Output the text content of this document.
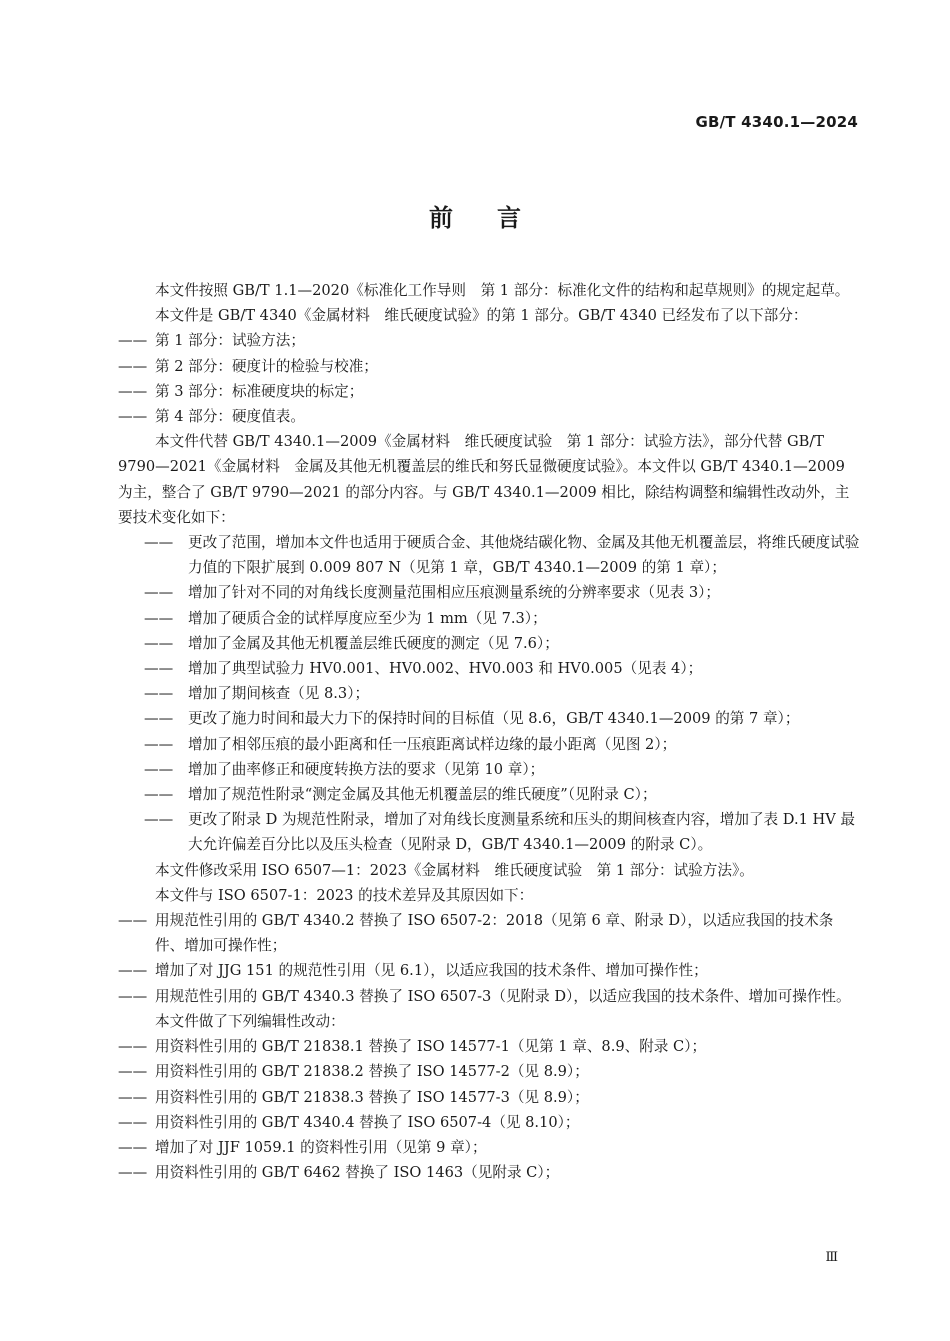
GB/T 4340.1—2024
前言

本文件按照 GB/T 1.1—2020《标准化工作导则　第 1 部分：标准化文件的结构和起草规则》的规定起草。

本文件是 GB/T 4340《金属材料　维氏硬度试验》的第 1 部分。GB/T 4340 已经发布了以下部分：

—— 第 1 部分：试验方法；

—— 第 2 部分：硬度计的检验与校准；

—— 第 3 部分：标准硬度块的标定；

—— 第 4 部分：硬度值表。

本文件代替 GB/T 4340.1—2009《金属材料　维氏硬度试验　第 1 部分：试验方法》，部分代替 GB/T 9790—2021《金属材料　金属及其他无机覆盖层的维氏和努氏显微硬度试验》。本文件以 GB/T 4340.1—2009 为主，整合了 GB/T 9790—2021 的部分内容。与 GB/T 4340.1—2009 相比，除结构调整和编辑性改动外，主要技术变化如下：

—— 更改了范围，增加本文件也适用于硬质合金、其他烧结碳化物、金属及其他无机覆盖层，将维氏硬度试验力值的下限扩展到 0.009 807 N（见第 1 章，GB/T 4340.1—2009 的第 1 章）；

—— 增加了针对不同的对角线长度测量范围相应压痕测量系统的分辨率要求（见表 3）；

—— 增加了硬质合金的试样厚度应至少为 1 mm（见 7.3）；

—— 增加了金属及其他无机覆盖层维氏硬度的测定（见 7.6）；

—— 增加了典型试验力 HV0.001、HV0.002、HV0.003 和 HV0.005（见表 4）；

—— 增加了期间核查（见 8.3）；

—— 更改了施力时间和最大力下的保持时间的目标值（见 8.6，GB/T 4340.1—2009 的第 7 章）；

—— 增加了相邻压痕的最小距离和任一压痕距离试样边缘的最小距离（见图 2）；

—— 增加了曲率修正和硬度转换方法的要求（见第 10 章）；

—— 增加了规范性附录“测定金属及其他无机覆盖层的维氏硬度”（见附录 C）；

—— 更改了附录 D 为规范性附录，增加了对角线长度测量系统和压头的期间核查内容，增加了表 D.1 HV 最大允许偏差百分比以及压头检查（见附录 D，GB/T 4340.1—2009 的附录 C）。

本文件修改采用 ISO 6507—1：2023《金属材料　维氏硬度试验　第 1 部分：试验方法》。

本文件与 ISO 6507-1：2023 的技术差异及其原因如下：

—— 用规范性引用的 GB/T 4340.2 替换了 ISO 6507-2：2018（见第 6 章、附录 D），以适应我国的技术条件、增加可操作性；

—— 增加了对 JJG 151 的规范性引用（见 6.1），以适应我国的技术条件、增加可操作性；

—— 用规范性引用的 GB/T 4340.3 替换了 ISO 6507-3（见附录 D），以适应我国的技术条件、增加可操作性。

本文件做了下列编辑性改动：

—— 用资料性引用的 GB/T 21838.1 替换了 ISO 14577-1（见第 1 章、8.9、附录 C）；

—— 用资料性引用的 GB/T 21838.2 替换了 ISO 14577-2（见 8.9）；

—— 用资料性引用的 GB/T 21838.3 替换了 ISO 14577-3（见 8.9）；

—— 用资料性引用的 GB/T 4340.4 替换了 ISO 6507-4（见 8.10）；

—— 增加了对 JJF 1059.1 的资料性引用（见第 9 章）；

—— 用资料性引用的 GB/T 6462 替换了 ISO 1463（见附录 C）；

Ⅲ
